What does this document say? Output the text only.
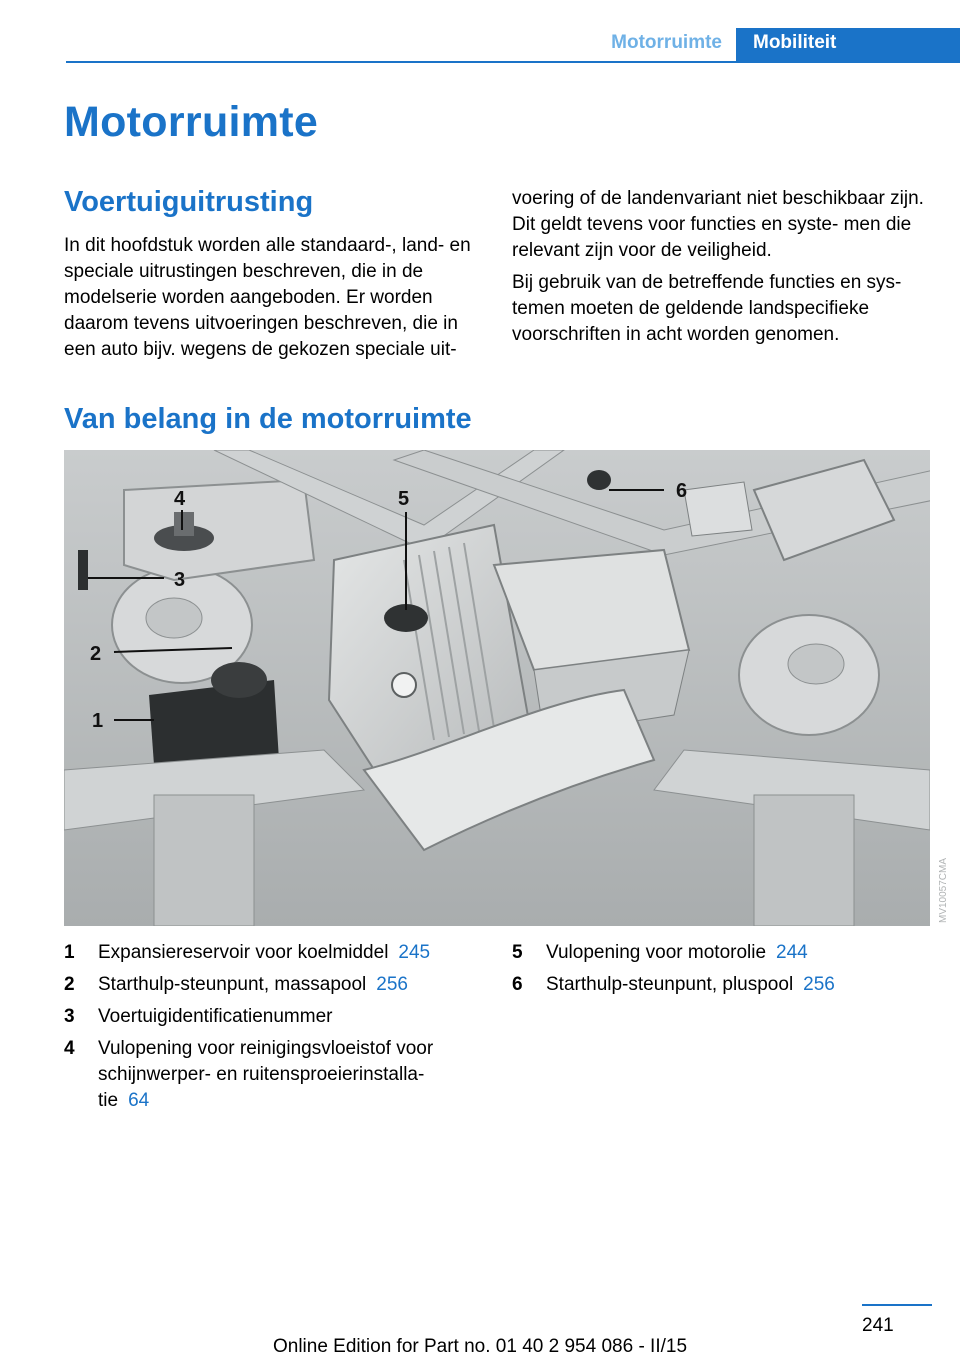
Motorruimte	Mobiliteit
Motorruimte
Voertuiguitrusting

In dit hoofdstuk worden alle standaard-, land- en speciale uitrustingen beschreven, die in de modelserie worden aangeboden. Er worden daarom tevens uitvoeringen beschreven, die in een auto bijv. wegens de gekozen speciale uit-

voering of de landenvariant niet beschikbaar zijn. Dit geldt tevens voor functies en syste- men die relevant zijn voor de veiligheid.

Bij gebruik van de betreffende functies en sys- temen moeten de geldende landspecifieke voorschriften in acht worden genomen.

Van belang in de motorruimte
1
2
3
4	5	6
MV10057CMA
1	Expansiereservoir voor koelmiddel 245
2	Starthulp-steunpunt, massapool 256
3	Voertuigidentificatienummer
4	Vulopening voor reinigingsvloeistof voor schijnwerper- en ruitensproeierinstalla- tie 64
5	Vulopening voor motorolie 244
6	Starthulp-steunpunt, pluspool 256
241
Online Edition for Part no. 01 40 2 954 086 - II/15
